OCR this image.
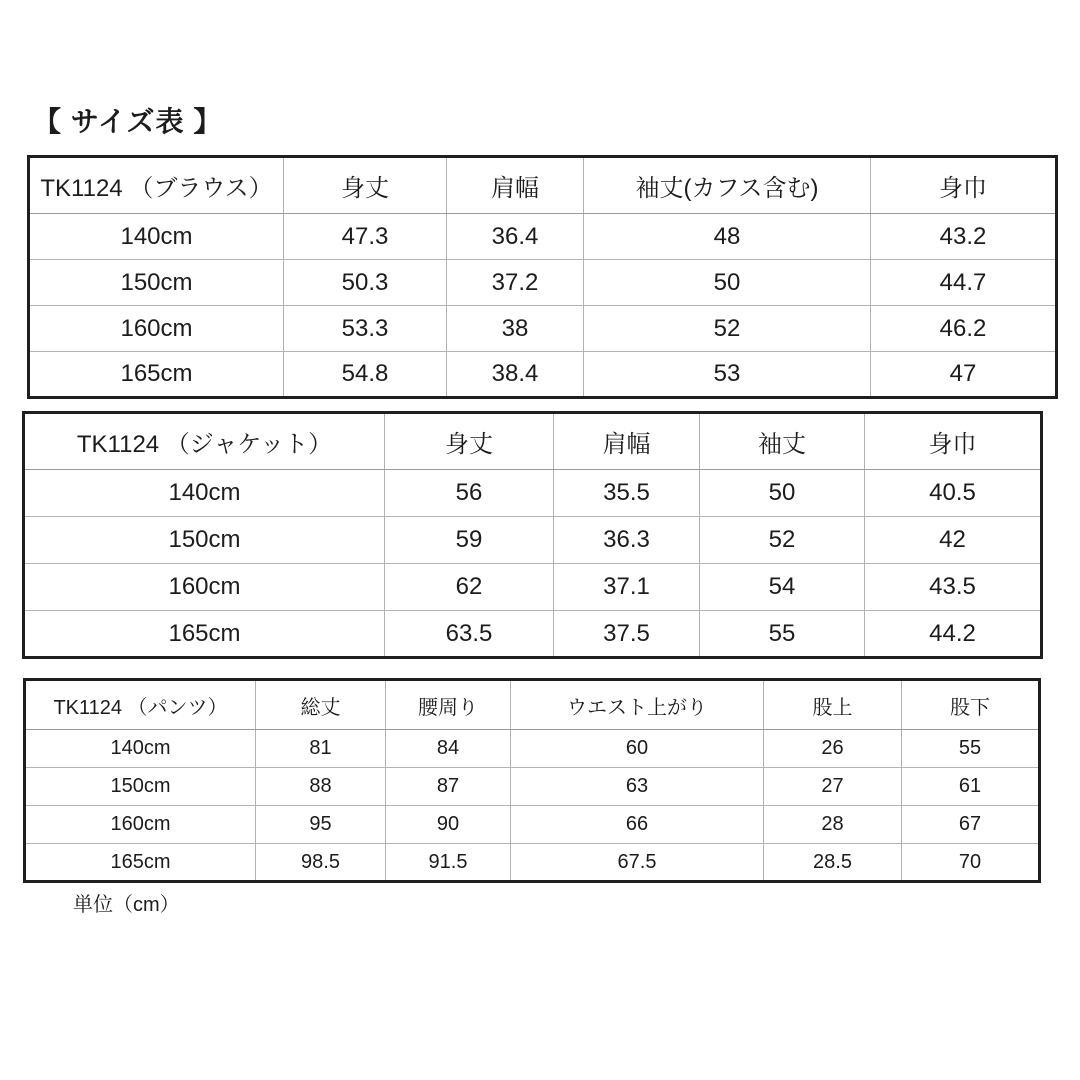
【 サイズ表 】
TK1124 （ブラウス）	身丈	肩幅	袖丈(カフス含む)	身巾
140cm	47.3	36.4	48	43.2
150cm	50.3	37.2	50	44.7
160cm	53.3	38	52	46.2
165cm	54.8	38.4	53	47
TK1124 （ジャケット）	身丈	肩幅	袖丈	身巾
140cm	56	35.5	50	40.5
150cm	59	36.3	52	42
160cm	62	37.1	54	43.5
165cm	63.5	37.5	55	44.2
TK1124 （パンツ）	総丈	腰周り	ウエスト上がり	股上	股下
140cm	81	84	60	26	55
150cm	88	87	63	27	61
160cm	95	90	66	28	67
165cm	98.5	91.5	67.5	28.5	70
単位（cm）
